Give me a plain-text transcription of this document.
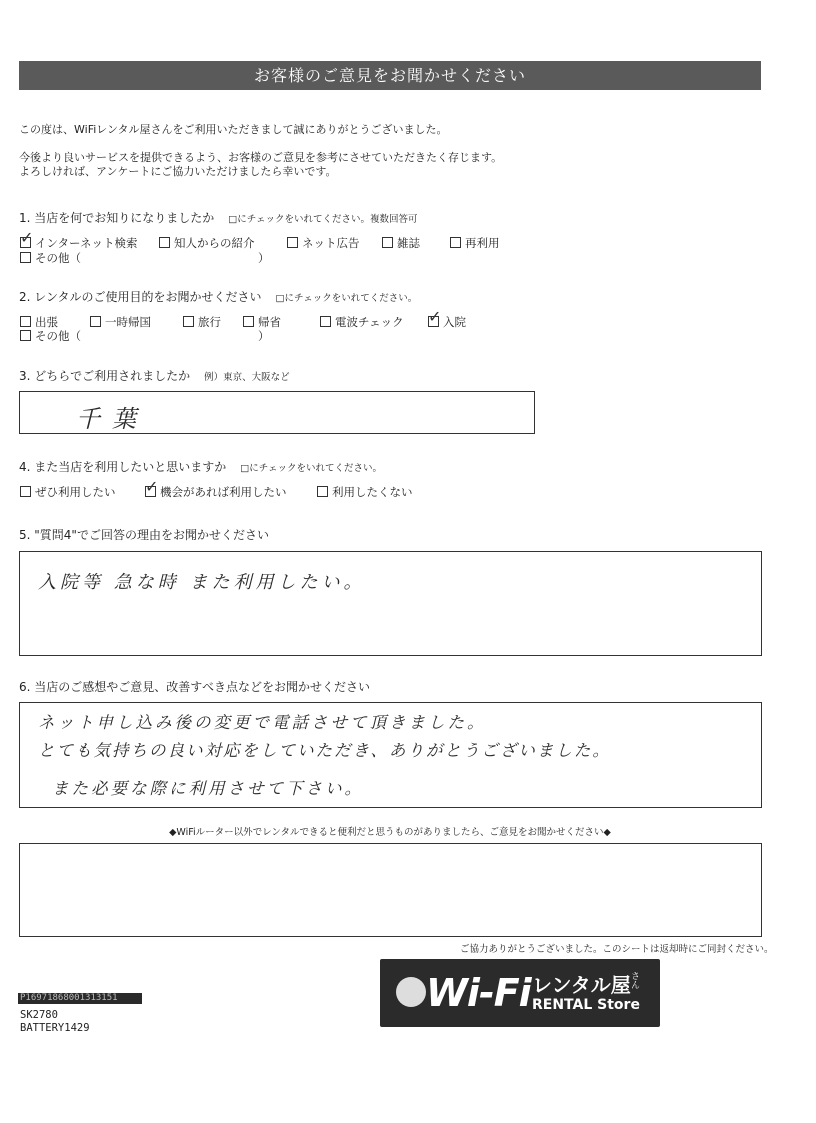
お客様のご意見をお聞かせください
この度は、WiFiレンタル屋さんをご利用いただきまして誠にありがとうございました。
今後より良いサービスを提供できるよう、お客様のご意見を参考にさせていただきたく存じます。
よろしければ、アンケートにご協力いただけましたら幸いです。
1. 当店を何でお知りになりましたか □にチェックをいれてください。複数回答可
✓ インターネット検索	知人からの紹介	ネット広告	雑誌	再利用
その他（	）
2. レンタルのご使用目的をお聞かせください □にチェックをいれてください。
出張	一時帰国	旅行	帰省	電波チェック ✓ 入院
その他（	）
3. どちらでご利用されましたか 例）東京、大阪など
千葉
4. また当店を利用したいと思いますか □にチェックをいれてください。
ぜひ利用したい ✓ 機会があれば利用したい	利用したくない
5. "質問4"でご回答の理由をお聞かせください
入院等 急な時 また利用したい。
6. 当店のご感想やご意見、改善すべき点などをお聞かせください
ネット申し込み後の変更で電話させて頂きました。
とても気持ちの良い対応をしていただき、ありがとうございました。
また必要な際に利用させて下さい。
◆WiFiルーター以外でレンタルできると便利だと思うものがありましたら、ご意見をお聞かせください◆
ご協力ありがとうございました。このシートは返却時にご同封ください。
P16971868001313151
SK2780
BATTERY1429
Wi-Fi レンタル屋
さん
RENTAL Store
